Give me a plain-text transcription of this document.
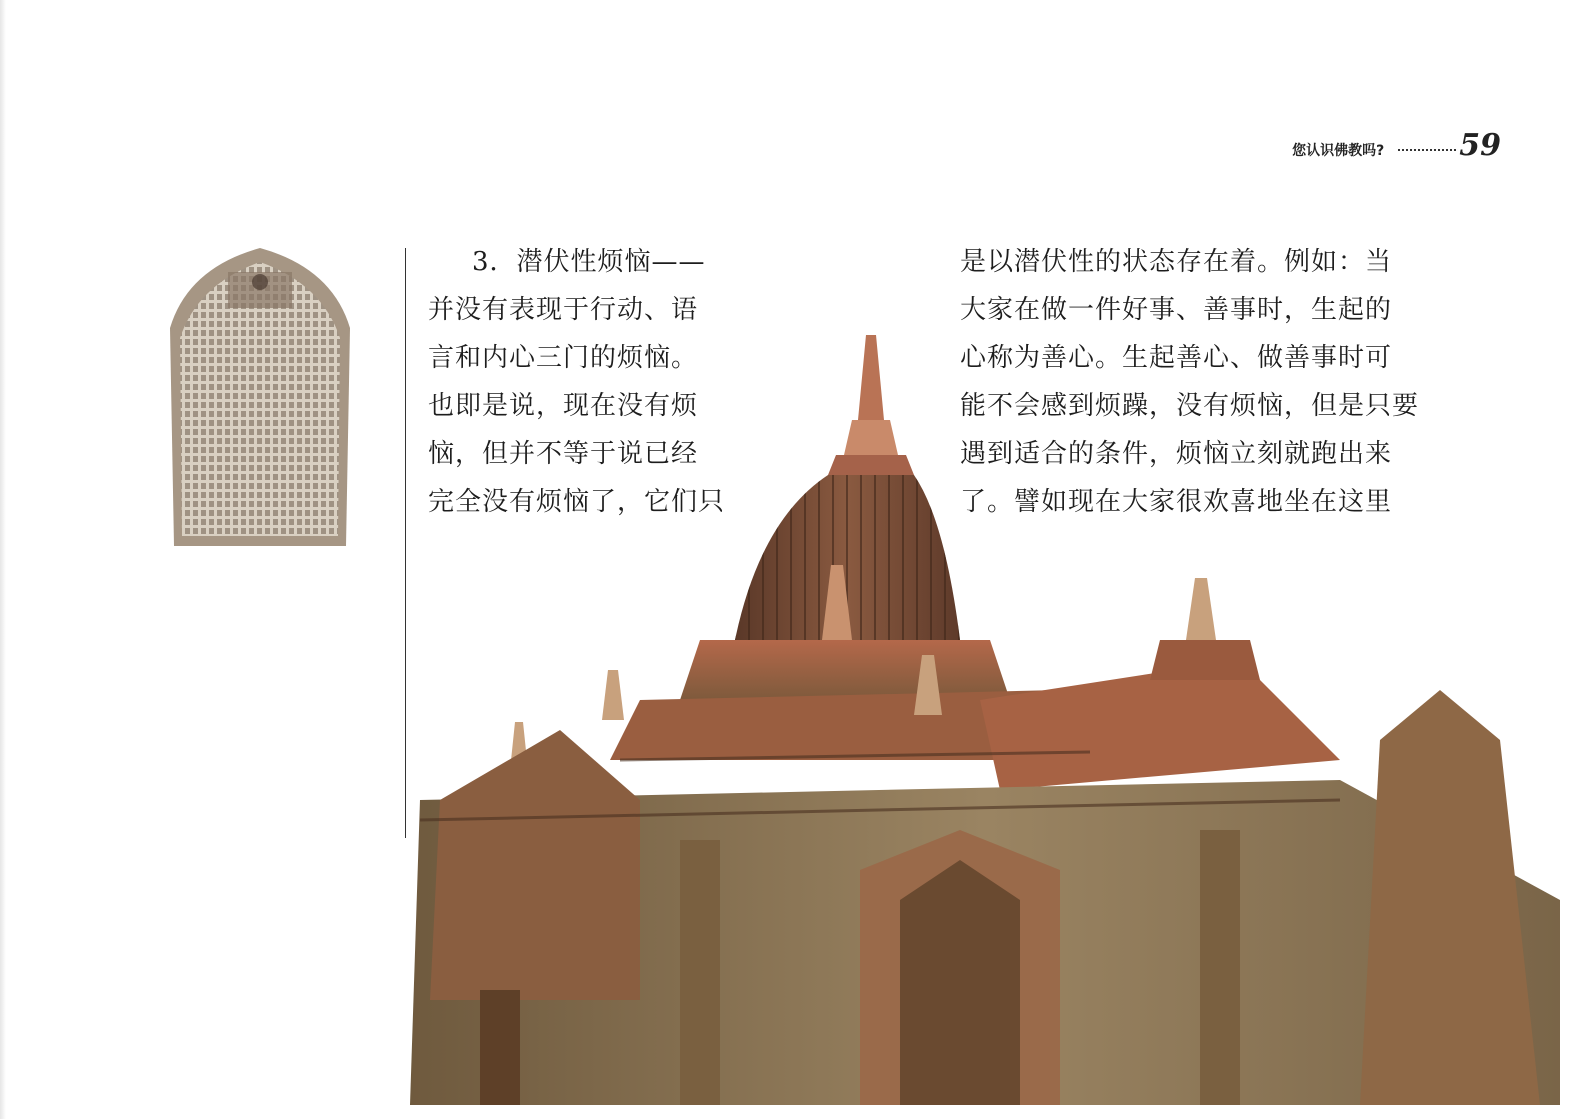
您认识佛教吗?	59

3．潜伏性烦恼——

并没有表现于行动、语

言和内心三门的烦恼。

也即是说，现在没有烦

恼，但并不等于说已经

完全没有烦恼了，它们只

是以潜伏性的状态存在着。例如：当

大家在做一件好事、善事时，生起的

心称为善心。生起善心、做善事时可

能不会感到烦躁，没有烦恼，但是只要

遇到适合的条件，烦恼立刻就跑出来

了。譬如现在大家很欢喜地坐在这里
